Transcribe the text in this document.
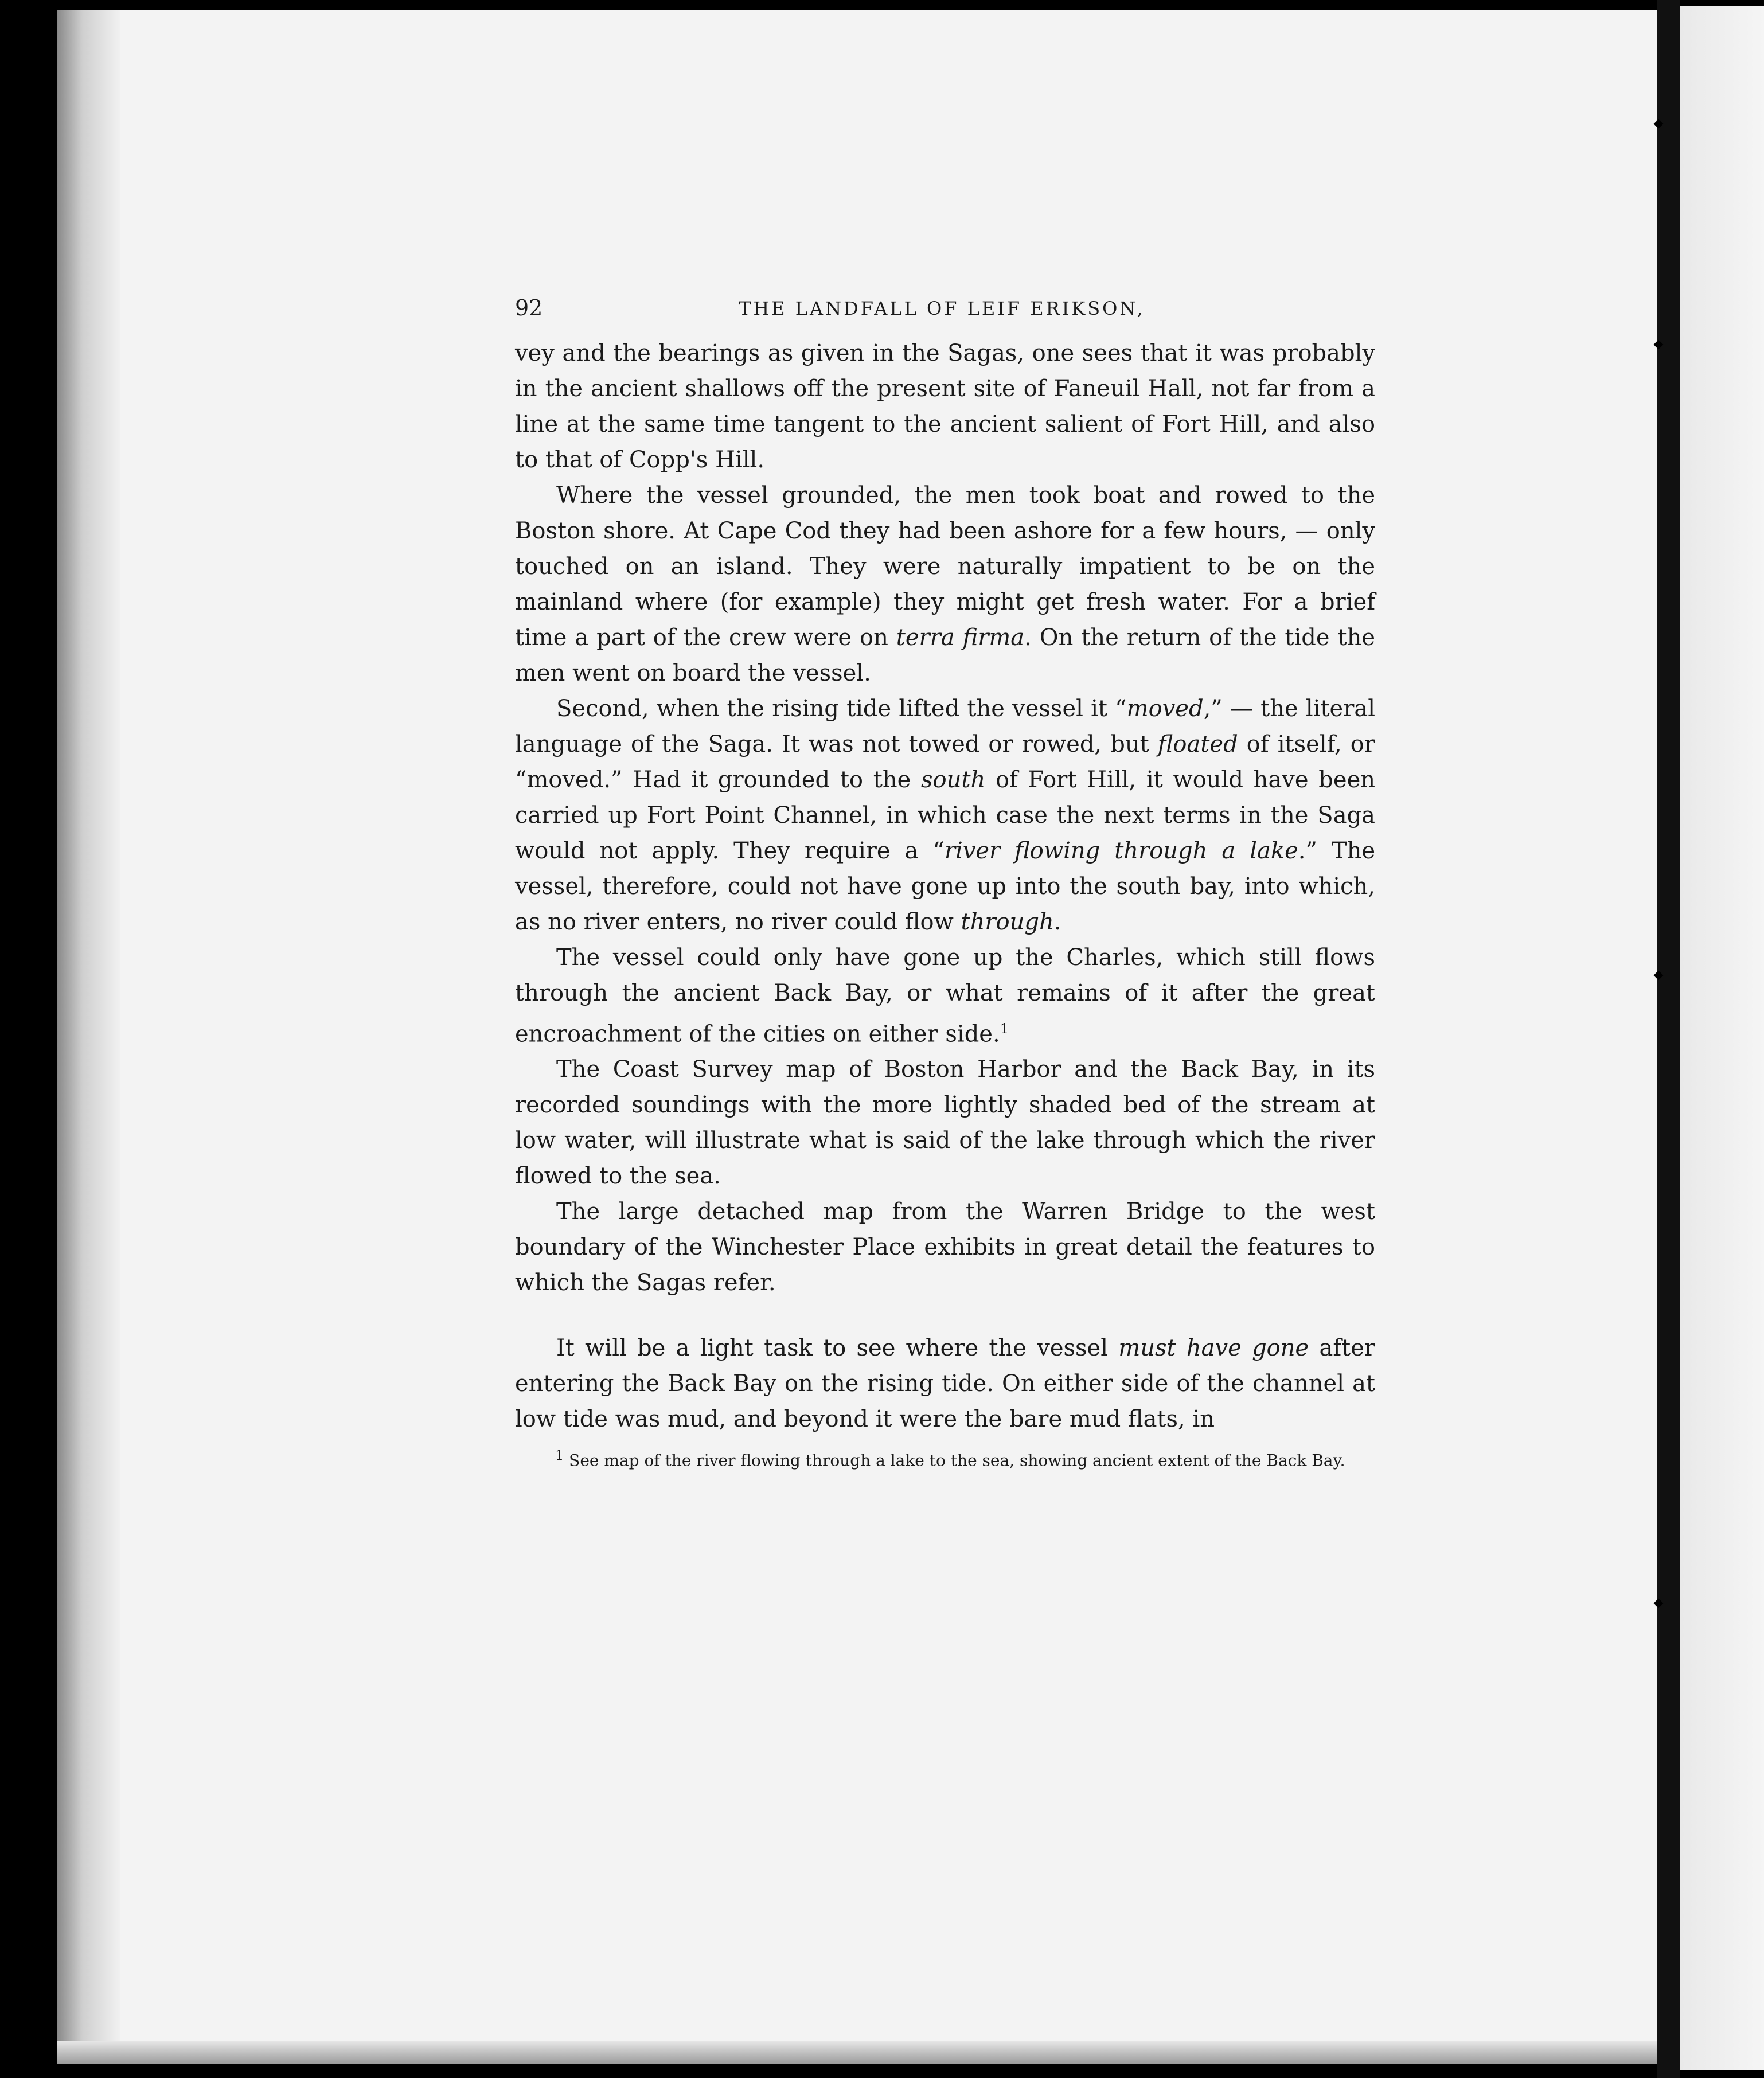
92	THE LANDFALL OF LEIF ERIKSON,

vey and the bearings as given in the Sagas, one sees that it was probably in the ancient shallows off the present site of Faneuil Hall, not far from a line at the same time tangent to the ancient salient of Fort Hill, and also to that of Copp's Hill.

Where the vessel grounded, the men took boat and rowed to the Boston shore. At Cape Cod they had been ashore for a few hours, — only touched on an island. They were naturally impatient to be on the mainland where (for example) they might get fresh water. For a brief time a part of the crew were on terra firma. On the return of the tide the men went on board the vessel.

Second, when the rising tide lifted the vessel it “moved,” — the literal language of the Saga. It was not towed or rowed, but floated of itself, or “moved.” Had it grounded to the south of Fort Hill, it would have been carried up Fort Point Channel, in which case the next terms in the Saga would not apply. They require a “river flowing through a lake.” The vessel, therefore, could not have gone up into the south bay, into which, as no river enters, no river could flow through.

The vessel could only have gone up the Charles, which still flows through the ancient Back Bay, or what remains of it after the great encroachment of the cities on either side.$^1$

The Coast Survey map of Boston Harbor and the Back Bay, in its recorded soundings with the more lightly shaded bed of the stream at low water, will illustrate what is said of the lake through which the river flowed to the sea.

The large detached map from the Warren Bridge to the west boundary of the Winchester Place exhibits in great detail the features to which the Sagas refer.

It will be a light task to see where the vessel must have gone after entering the Back Bay on the rising tide. On either side of the channel at low tide was mud, and beyond it were the bare mud flats, in

$^1$ See map of the river flowing through a lake to the sea, showing ancient extent of the Back Bay.
